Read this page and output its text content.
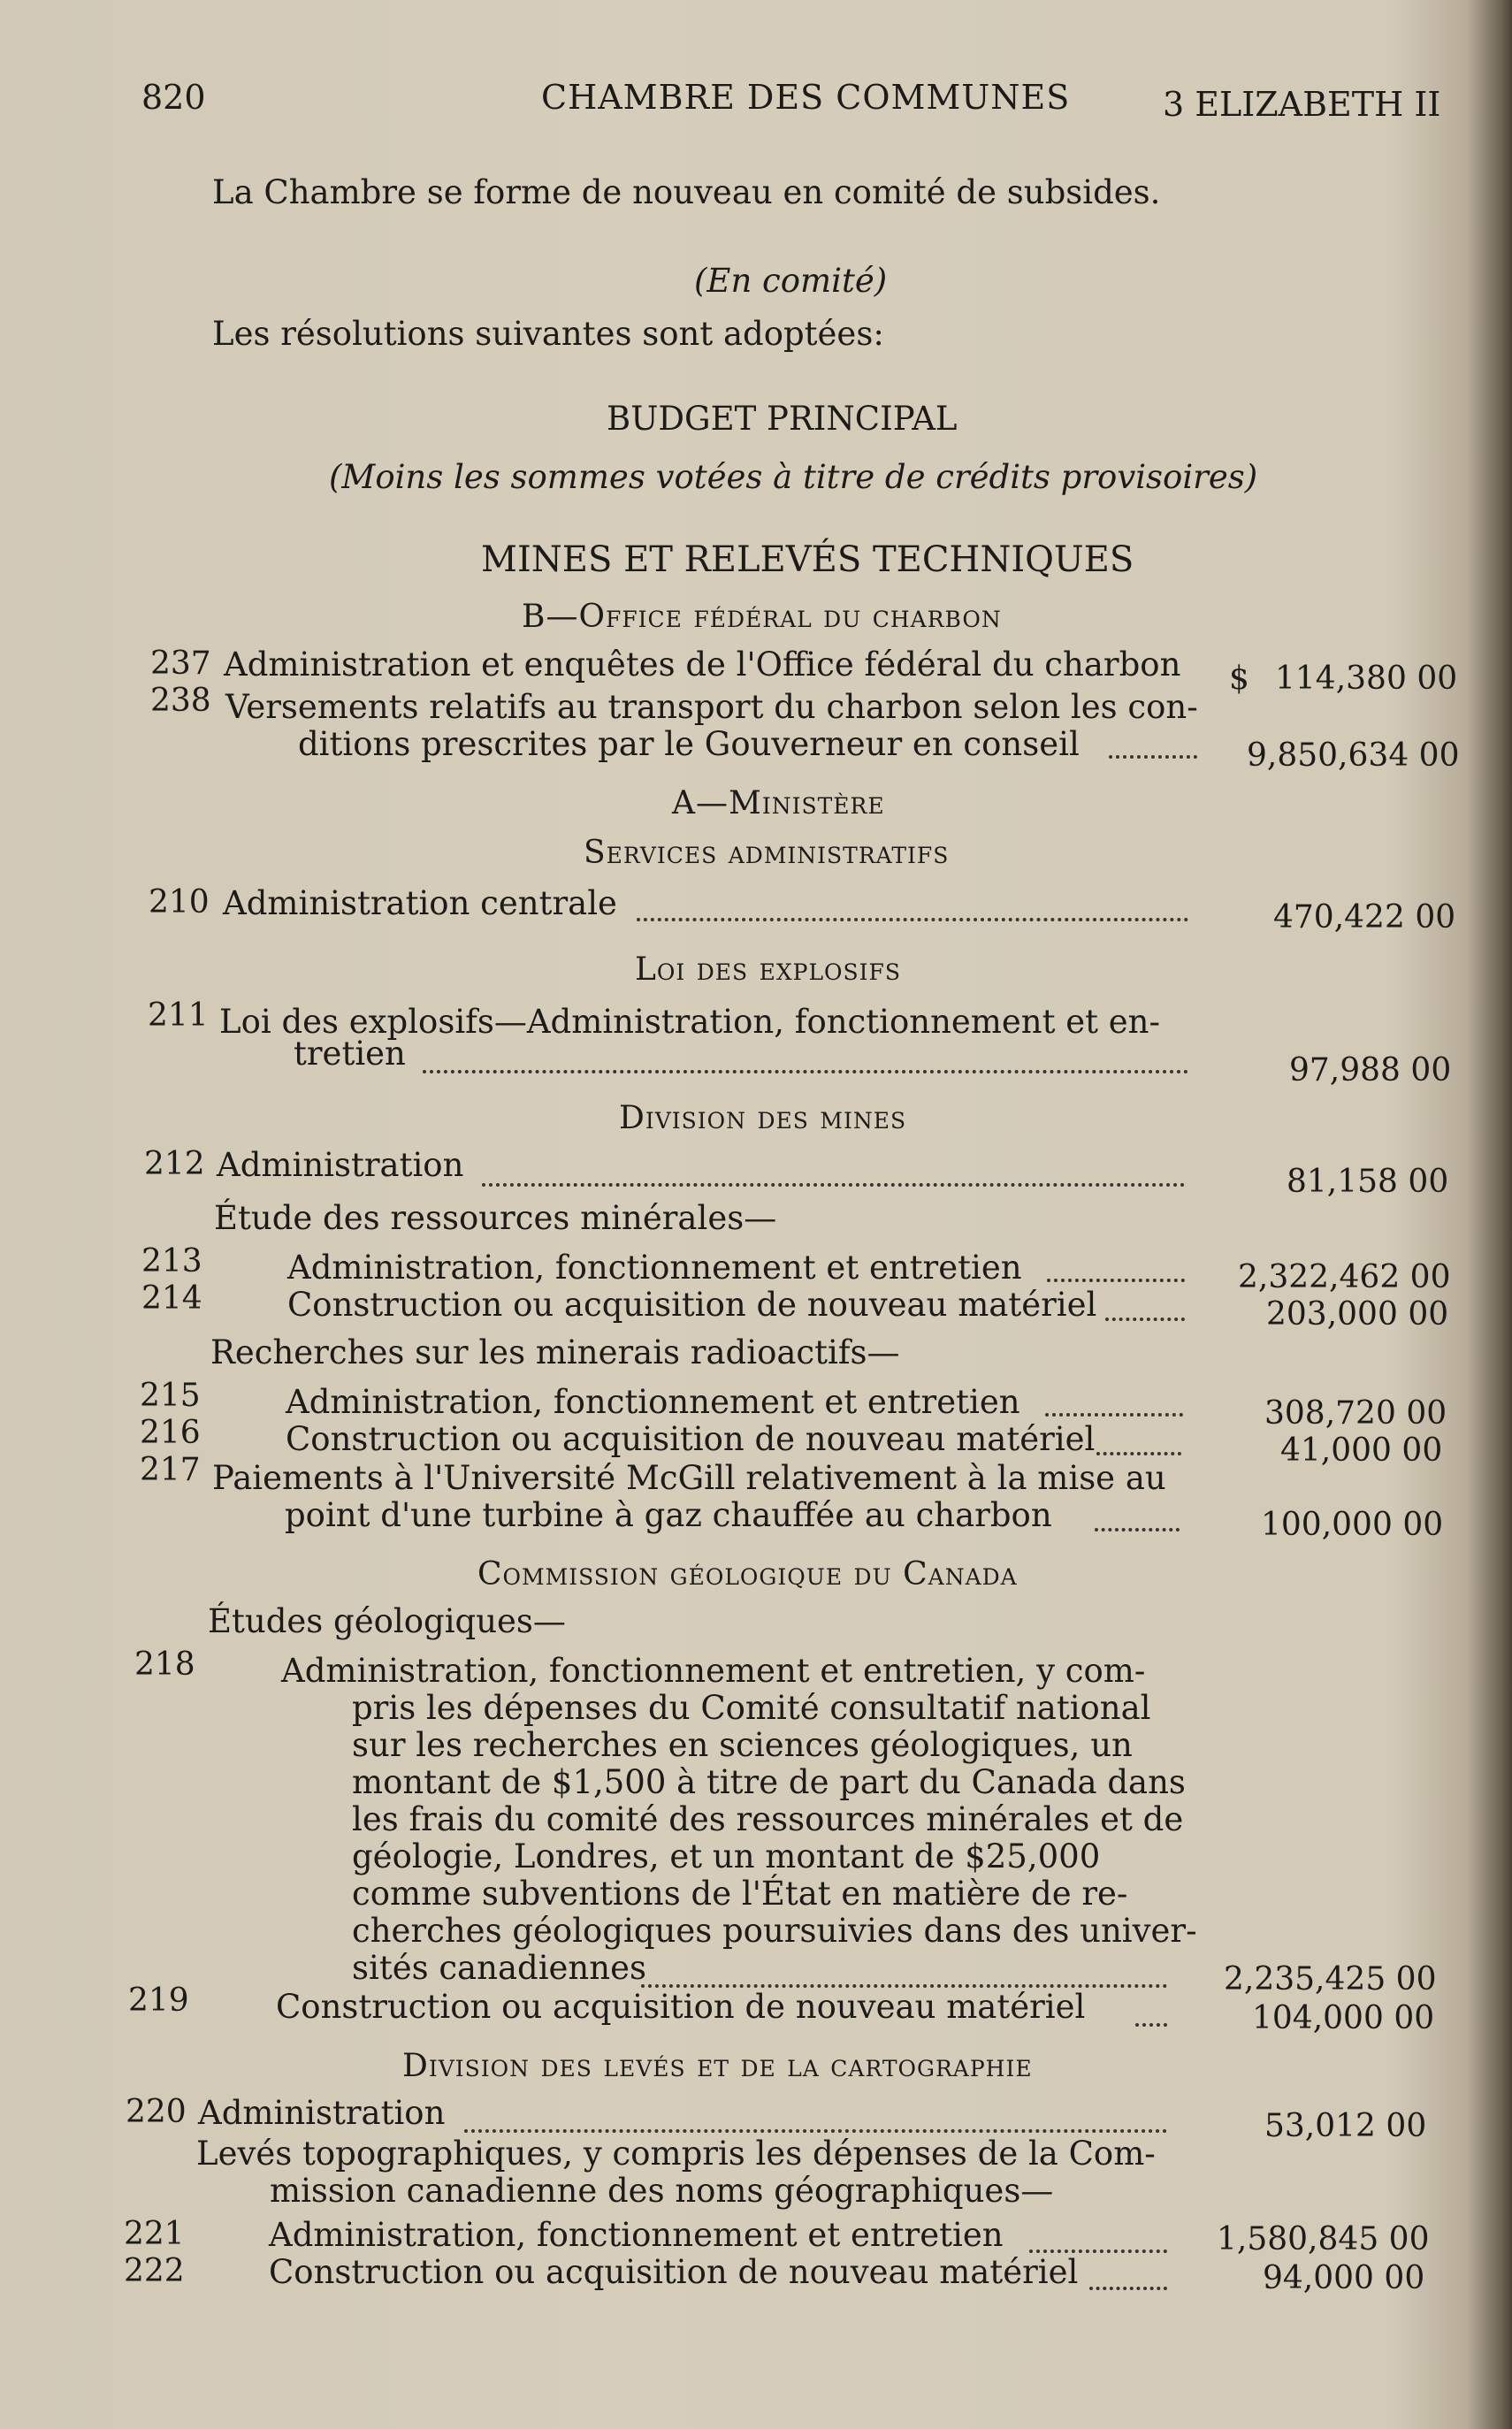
820	CHAMBRE DES COMMUNES	3 ELIZABETH II
La Chambre se forme de nouveau en comité de subsides.
(En comité)
Les résolutions suivantes sont adoptées:
BUDGET PRINCIPAL
(Moins les sommes votées à titre de crédits provisoires)
MINES ET RELEVÉS TECHNIQUES
B—Office fédéral du charbon
237 Administration et enquêtes de l'Office fédéral du charbon $ 114,380 00
238 Versements relatifs au transport du charbon selon les con-
ditions prescrites par le Gouverneur en conseil	9,850,634 00
A—Ministère
Services administratifs
210 Administration centrale	470,422 00
Loi des explosifs
211 Loi des explosifs—Administration, fonctionnement et en-
tretien	97,988 00
Division des mines
212 Administration	81,158 00
Étude des ressources minérales—
213	Administration, fonctionnement et entretien	2,322,462 00
214	Construction ou acquisition de nouveau matériel	203,000 00
Recherches sur les minerais radioactifs—
215	Administration, fonctionnement et entretien	308,720 00
216	Construction ou acquisition de nouveau matériel	41,000 00
217 Paiements à l'Université McGill relativement à la mise au
point d'une turbine à gaz chauffée au charbon	100,000 00
Commission géologique du Canada
Études géologiques—
218	Administration, fonctionnement et entretien, y com-
pris les dépenses du Comité consultatif national
sur les recherches en sciences géologiques, un
montant de $1,500 à titre de part du Canada dans
les frais du comité des ressources minérales et de
géologie, Londres, et un montant de $25,000
comme subventions de l'État en matière de re-
cherches géologiques poursuivies dans des univer-
sités canadiennes	2,235,425 00
219	Construction ou acquisition de nouveau matériel	104,000 00
Division des levés et de la cartographie
220 Administration	53,012 00
Levés topographiques, y compris les dépenses de la Com-
mission canadienne des noms géographiques—
221	Administration, fonctionnement et entretien	1,580,845 00
222	Construction ou acquisition de nouveau matériel	94,000 00
